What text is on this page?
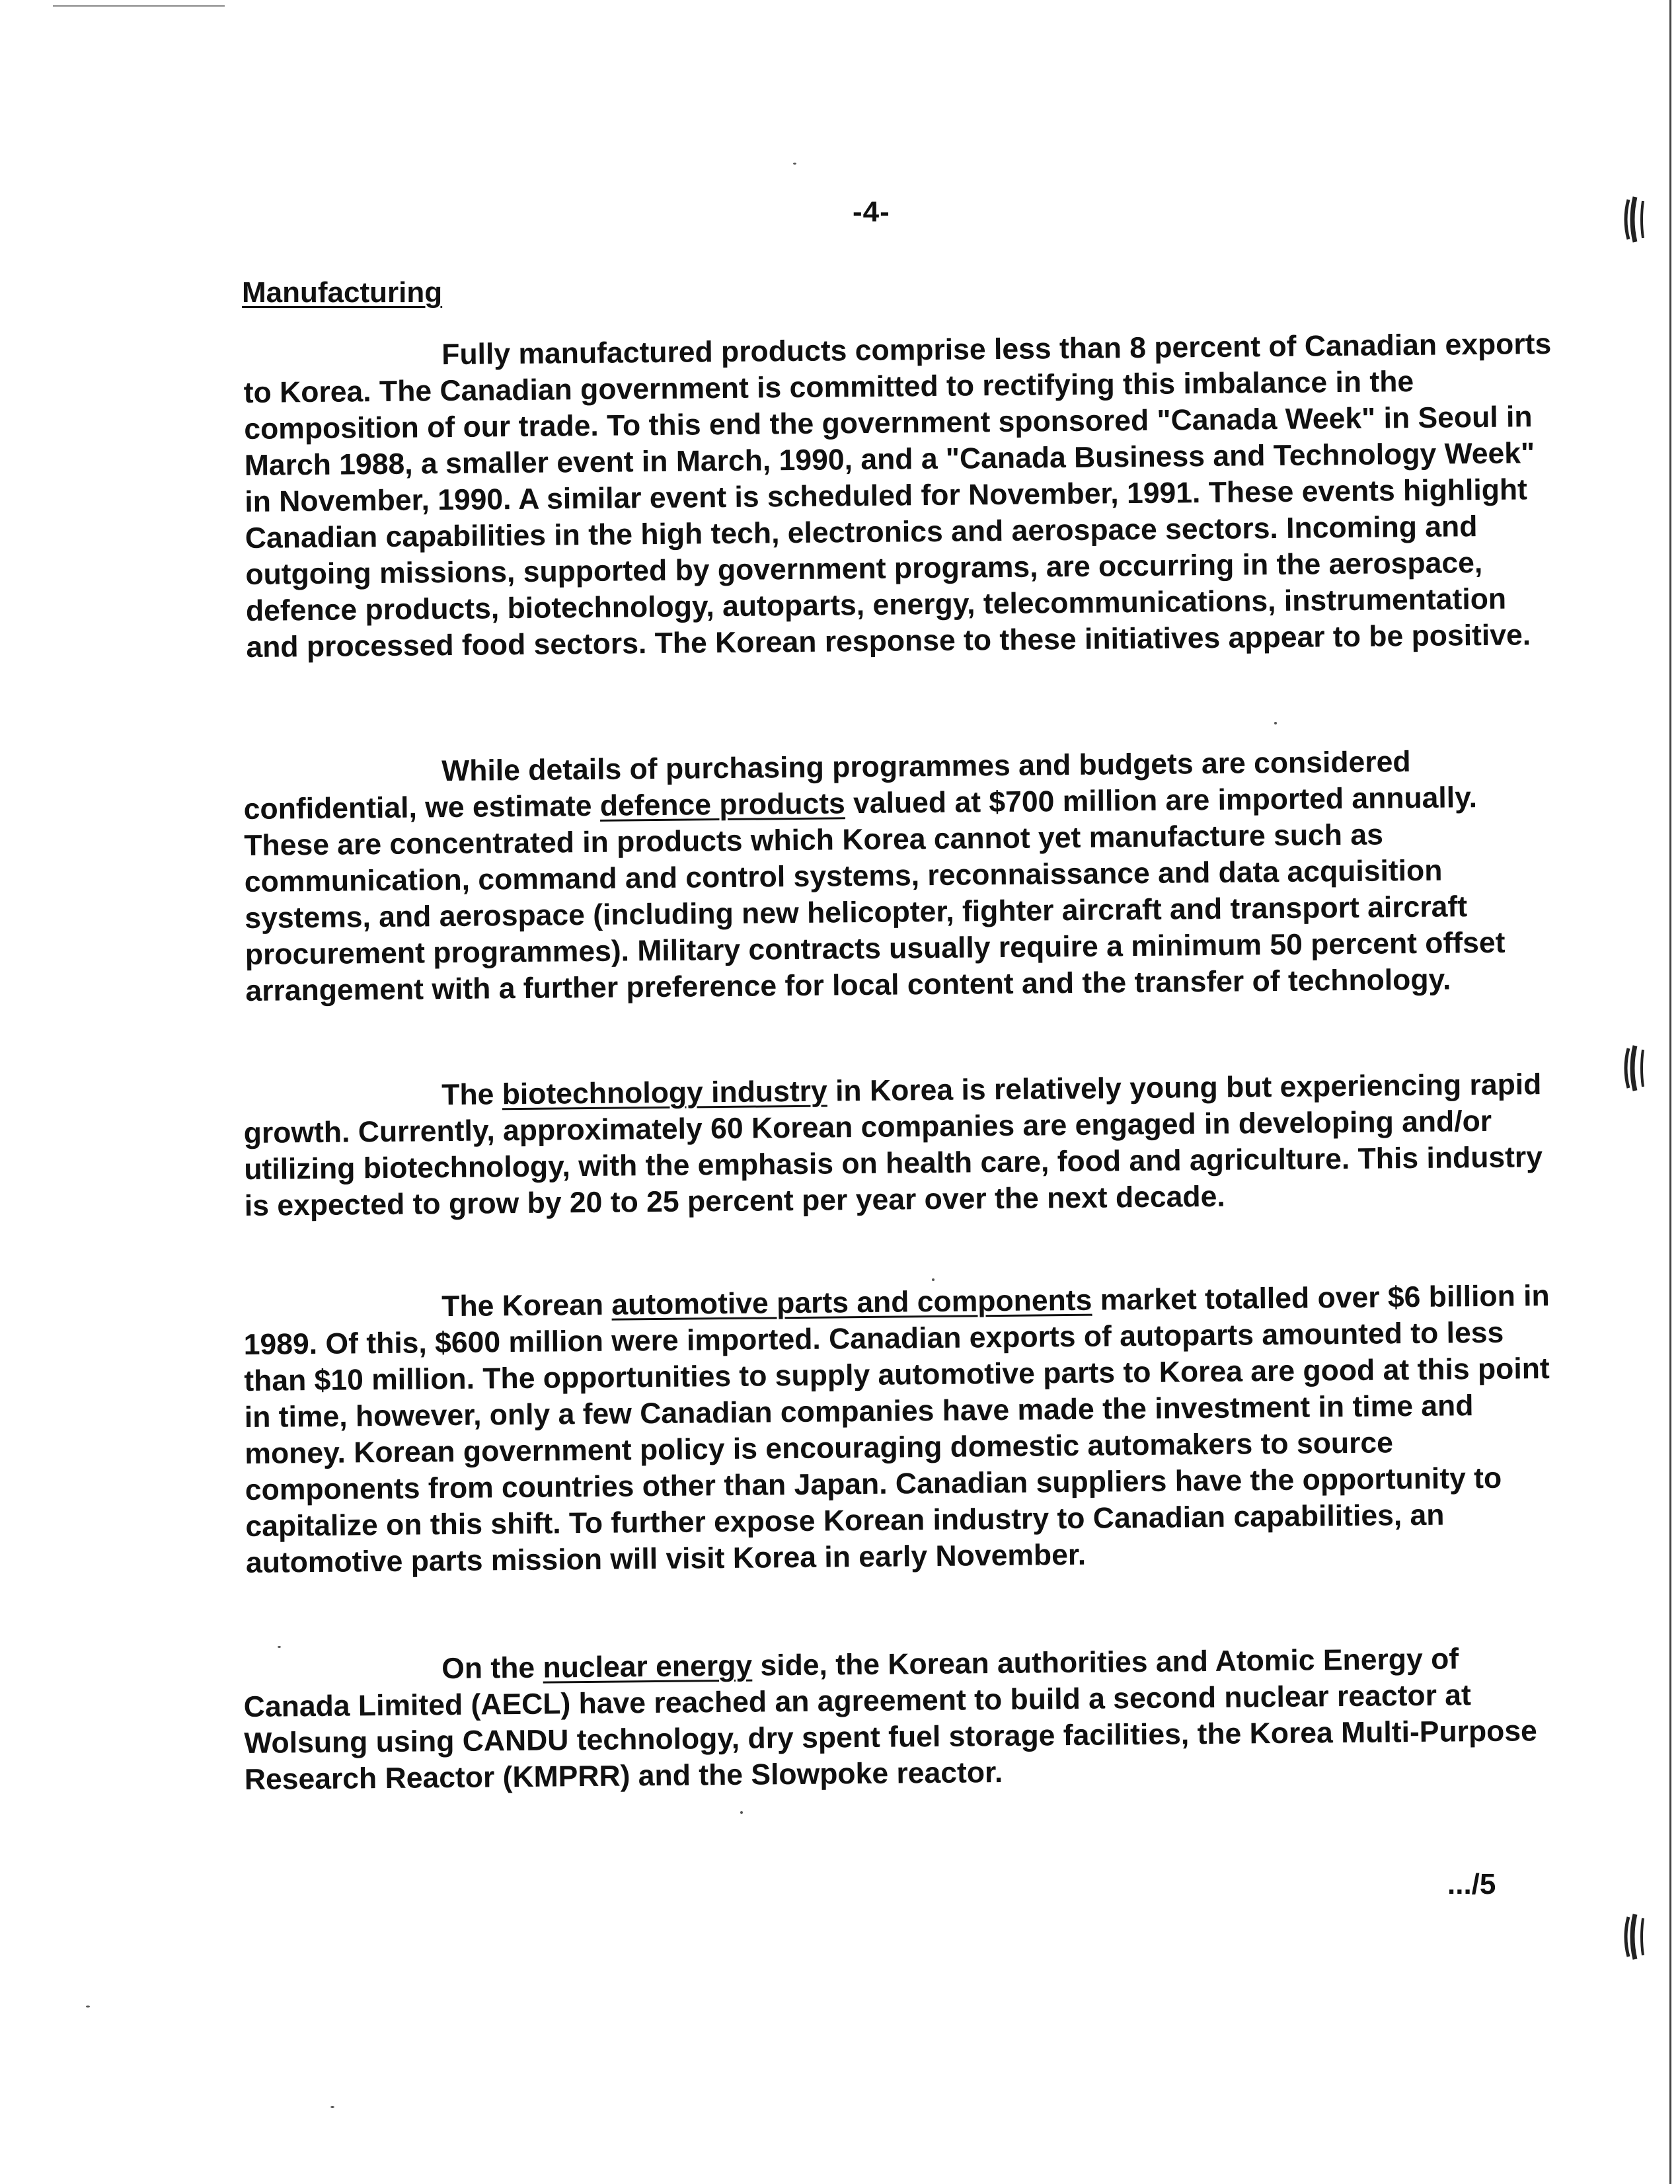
-4-
Manufacturing

Fully manufactured products comprise less than 8 percent of Canadian exports to Korea. The Canadian government is committed to rectifying this imbalance in the composition of our trade. To this end the government sponsored "Canada Week" in Seoul in March 1988, a smaller event in March, 1990, and a "Canada Business and Technology Week" in November, 1990. A similar event is scheduled for November, 1991. These events highlight Canadian capabilities in the high tech, electronics and aerospace sectors. Incoming and outgoing missions, supported by government programs, are occurring in the aerospace, defence products, biotechnology, autoparts, energy, telecommunications, instrumentation and processed food sectors. The Korean response to these initiatives appear to be positive.

While details of purchasing programmes and budgets are considered confidential, we estimate defence products valued at $700 million are imported annually. These are concentrated in products which Korea cannot yet manufacture such as communication, command and control systems, reconnaissance and data acquisition systems, and aerospace (including new helicopter, fighter aircraft and transport aircraft procurement programmes). Military contracts usually require a minimum 50 percent offset arrangement with a further preference for local content and the transfer of technology.

The biotechnology industry in Korea is relatively young but experiencing rapid growth. Currently, approximately 60 Korean companies are engaged in developing and/or utilizing biotechnology, with the emphasis on health care, food and agriculture. This industry is expected to grow by 20 to 25 percent per year over the next decade.

The Korean automotive parts and components market totalled over $6 billion in 1989. Of this, $600 million were imported. Canadian exports of autoparts amounted to less than $10 million. The opportunities to supply automotive parts to Korea are good at this point in time, however, only a few Canadian companies have made the investment in time and money. Korean government policy is encouraging domestic automakers to source components from countries other than Japan. Canadian suppliers have the opportunity to capitalize on this shift. To further expose Korean industry to Canadian capabilities, an automotive parts mission will visit Korea in early November.

On the nuclear energy side, the Korean authorities and Atomic Energy of Canada Limited (AECL) have reached an agreement to build a second nuclear reactor at Wolsung using CANDU technology, dry spent fuel storage facilities, the Korea Multi-Purpose Research Reactor (KMPRR) and the Slowpoke reactor.

.../5
